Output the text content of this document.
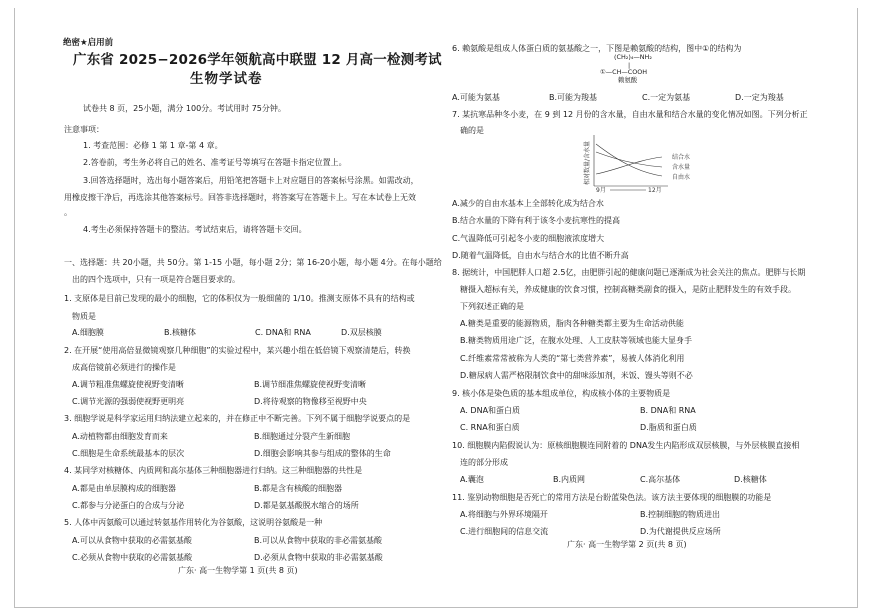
绝密★启用前
广东省 2025−2026学年领航高中联盟 12 月高一检测考试
生物学试卷
试卷共 8 页，25小题，满分 100分。考试用时 75分钟。
注意事项：
1. 考查范围：必修 1 第 1 章-第 4 章。
2.答卷前，考生务必将自己的姓名、准考证号等填写在答题卡指定位置上。
3.回答选择题时，选出每小题答案后，用铅笔把答题卡上对应题目的答案标号涂黑。如需改动，
用橡皮擦干净后，再选涂其他答案标号。回答非选择题时，将答案写在答题卡上。写在本试卷上无效
。
4.考生必须保持答题卡的整洁。考试结束后，请将答题卡交回。
一、选择题：共 20小题，共 50分。第 1-15 小题，每小题 2分；第 16-20小题，每小题 4分。在每小题给
出的四个选项中，只有一项是符合题目要求的。
1. 支原体是目前已发现的最小的细胞，它的体积仅为一般细菌的 1/10。推测支原体不具有的结构或
物质是
A.细胞膜	B.核糖体	C. DNA和 RNA	D.双层核膜
2. 在开展“使用高倍显微镜观察几种细胞”的实验过程中，某兴趣小组在低倍镜下观察清楚后，转换
成高倍镜前必须进行的操作是
A.调节粗准焦螺旋使视野变清晰	B.调节细准焦螺旋使视野变清晰
C.调节光源的强弱使视野更明亮	D.将待观察的物像移至视野中央
3. 细胞学说是科学家运用归纳法建立起来的，并在修正中不断完善。下列不属于细胞学说要点的是
A.动植物都由细胞发育而来	B.细胞通过分裂产生新细胞
C.细胞是生命系统最基本的层次	D.细胞会影响其参与组成的整体的生命
4. 某同学对核糖体、内质网和高尔基体三种细胞器进行归纳。这三种细胞器的共性是
A.都是由单层膜构成的细胞器	B.都是含有核酸的细胞器
C.都参与分泌蛋白的合成与分泌	D.都是氨基酸脱水缩合的场所
5. 人体中丙氨酸可以通过转氨基作用转化为谷氨酸，这说明谷氨酸是一种
A.可以从食物中获取的必需氨基酸	B.可以从食物中获取的非必需氨基酸
C.必须从食物中获取的必需氨基酸	D.必须从食物中获取的非必需氨基酸
广东· 高一生物学第 1 页(共 8 页)
6. 赖氨酸是组成人体蛋白质的氨基酸之一，下图是赖氨酸的结构，图中①的结构为
(CH₂)₄—NH₂
|
①—CH—COOH
赖氨酸
A.可能为氨基	B.可能为羧基	C.一定为氨基	D.一定为羧基
7. 某抗寒品种冬小麦，在 9 到 12 月份的含水量，自由水量和结合水量的变化情况如图。下列分析正
确的是
相对数量/含水量	结合水
含水量
自由水
9月	12月
A.减少的自由水基本上全部转化成为结合水
B.结合水量的下降有利于该冬小麦抗寒性的提高
C.气温降低可引起冬小麦的细胞液浓度增大
D.随着气温降低，自由水与结合水的比值不断升高
8. 据统计，中国肥胖人口超 2.5亿，由肥胖引起的健康问题已逐渐成为社会关注的焦点。肥胖与长期
糖摄入超标有关，养成健康的饮食习惯，控制高糖类副食的摄入，是防止肥胖发生的有效手段。
下列叙述正确的是
A.糖类是重要的能源物质，脂肉各种糖类都主要为生命活动供能
B.糖类物质用途广泛，在腹水处理、人工皮肤等领域也能大显身手
C.纤维素常常被称为人类的“第七类营养素”，易被人体消化利用
D.糖尿病人需严格限制饮食中的甜味添加剂，米饭、馒头等则不必
9. 核小体是染色质的基本组成单位，构成核小体的主要物质是
A. DNA和蛋白质	B. DNA和 RNA
C. RNA和蛋白质	D.脂质和蛋白质
10. 细胞膜内陷假说认为：原核细胞膜连同附着的 DNA发生内陷形成双层核膜，与外层核膜直接相
连的部分形成
A.囊泡	B.内质网	C.高尔基体	D.核糖体
11. 鉴别动物细胞是否死亡的常用方法是台盼蓝染色法。该方法主要体现的细胞膜的功能是
A.将细胞与外界环境隔开	B.控制细胞的物质进出
C.进行细胞间的信息交流	D.为代谢提供反应场所
广东· 高一生物学第 2 页(共 8 页)
